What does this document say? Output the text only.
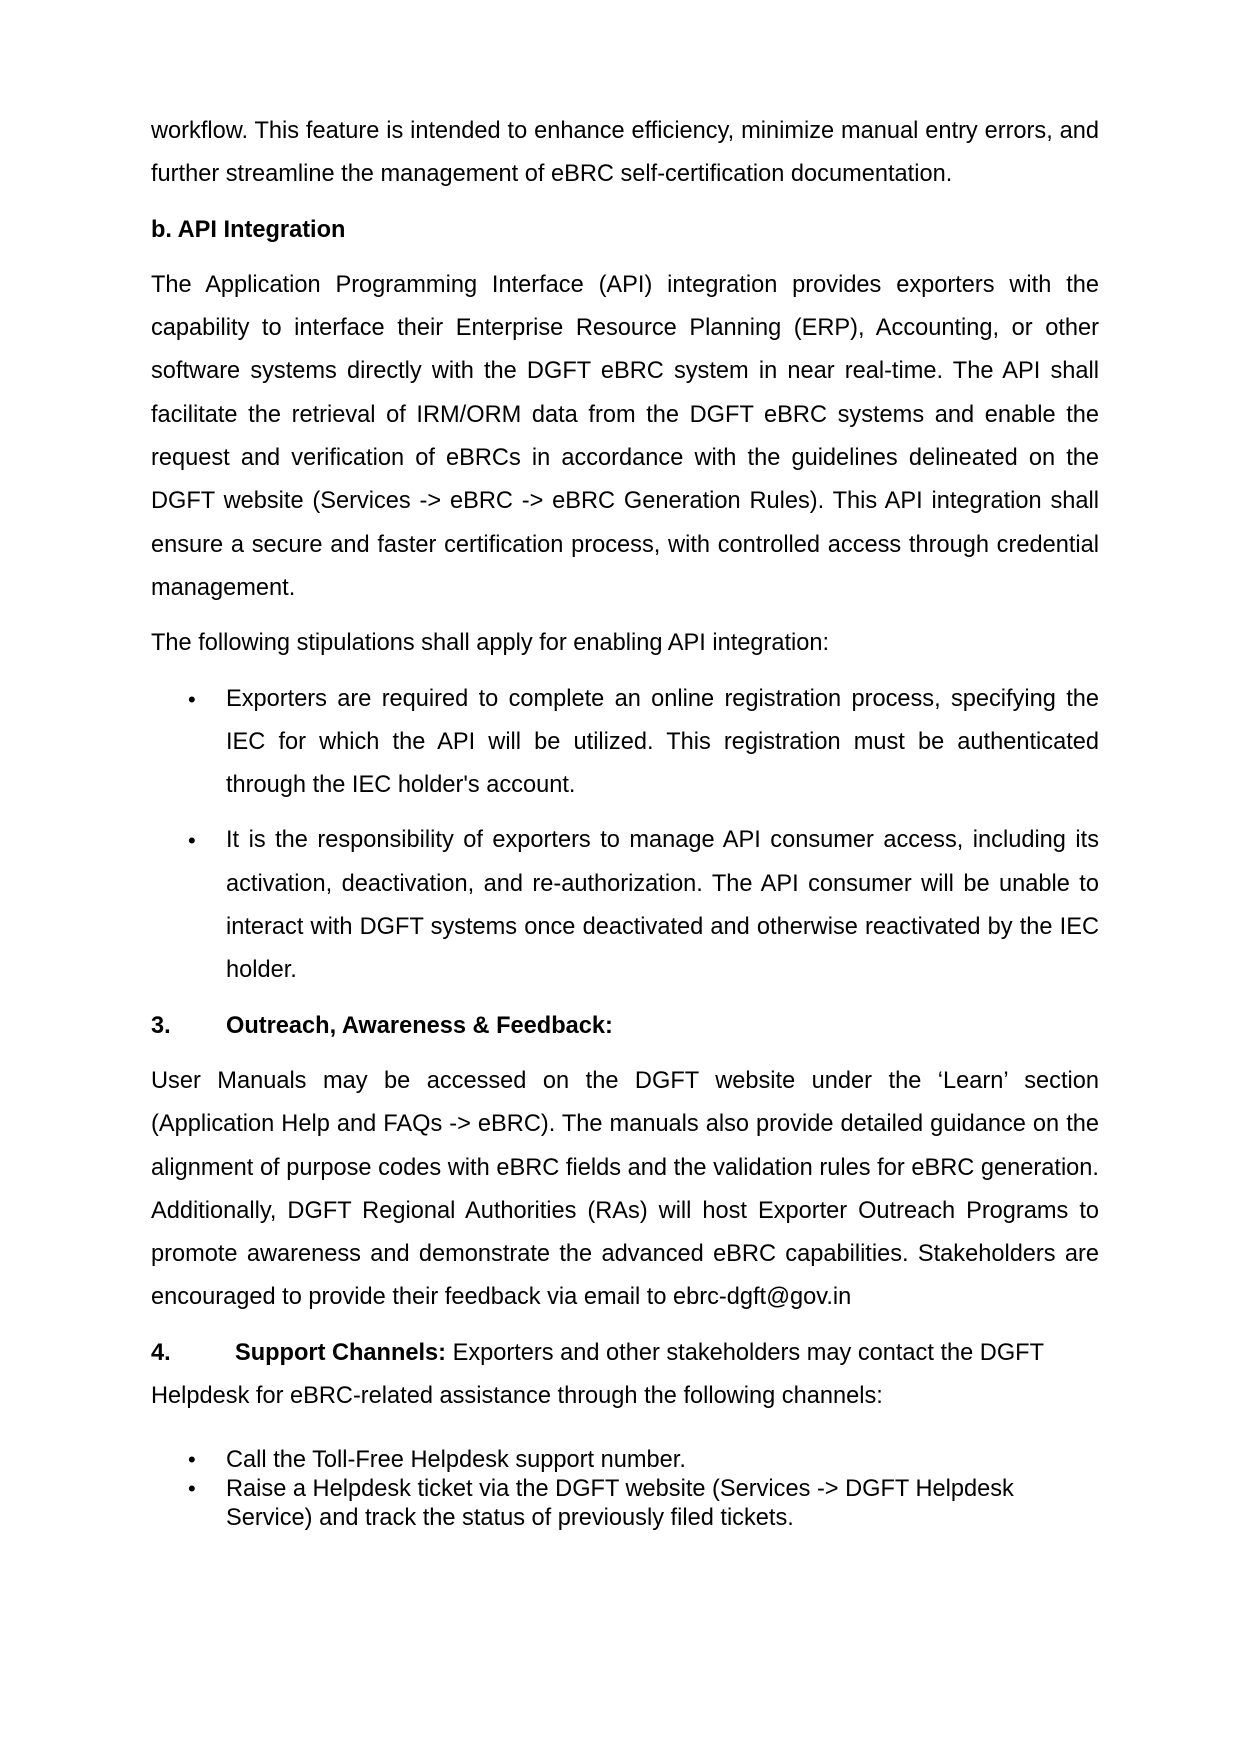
workflow. This feature is intended to enhance efficiency, minimize manual entry errors, and further streamline the management of eBRC self-certification documentation.

b. API Integration

The Application Programming Interface (API) integration provides exporters with the capability to interface their Enterprise Resource Planning (ERP), Accounting, or other software systems directly with the DGFT eBRC system in near real-time. The API shall facilitate the retrieval of IRM/ORM data from the DGFT eBRC systems and enable the request and verification of eBRCs in accordance with the guidelines delineated on the DGFT website (Services -> eBRC -> eBRC Generation Rules). This API integration shall ensure a secure and faster certification process, with controlled access through credential management.

The following stipulations shall apply for enabling API integration:

• Exporters are required to complete an online registration process, specifying the IEC for which the API will be utilized. This registration must be authenticated through the IEC holder's account.
• It is the responsibility of exporters to manage API consumer access, including its activation, deactivation, and re-authorization. The API consumer will be unable to interact with DGFT systems once deactivated and otherwise reactivated by the IEC holder.
3. Outreach, Awareness & Feedback:

User Manuals may be accessed on the DGFT website under the ‘Learn’ section (Application Help and FAQs -> eBRC). The manuals also provide detailed guidance on the alignment of purpose codes with eBRC fields and the validation rules for eBRC generation. Additionally, DGFT Regional Authorities (RAs) will host Exporter Outreach Programs to promote awareness and demonstrate the advanced eBRC capabilities. Stakeholders are encouraged to provide their feedback via email to ebrc-dgft@gov.in

4.	Support Channels: Exporters and other stakeholders may contact the DGFT Helpdesk for eBRC-related assistance through the following channels:

• Call the Toll-Free Helpdesk support number.
• Raise a Helpdesk ticket via the DGFT website (Services -> DGFT Helpdesk Service) and track the status of previously filed tickets.
